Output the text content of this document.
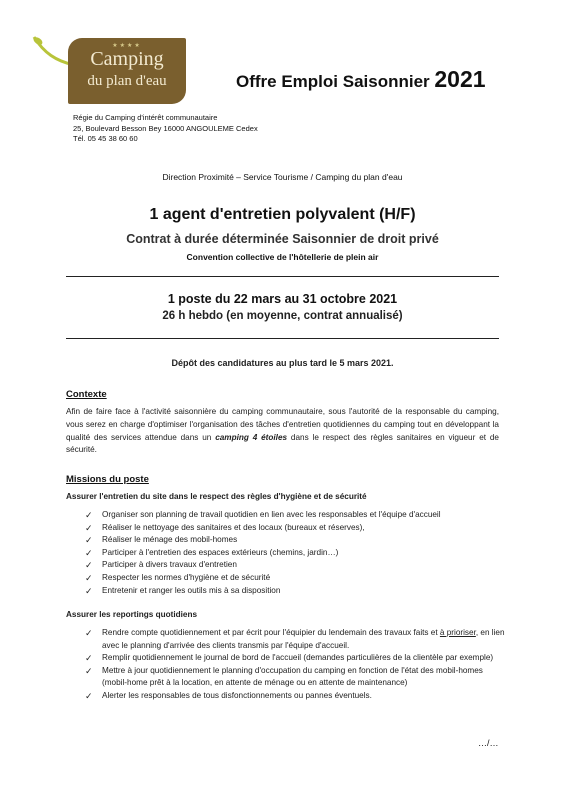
★★★★
Camping
du plan d'eau	Offre Emploi Saisonnier 2021
Régie du Camping d'intérêt communautaire
25, Boulevard Besson Bey 16000 ANGOULEME Cedex
Tél. 05 45 38 60 60
Direction Proximité – Service Tourisme / Camping du plan d'eau
1 agent d'entretien polyvalent (H/F)
Contrat à durée déterminée Saisonnier de droit privé
Convention collective de l'hôtellerie de plein air
1 poste du 22 mars au 31 octobre 2021
26 h hebdo (en moyenne, contrat annualisé)
Dépôt des candidatures au plus tard le 5 mars 2021.
Contexte
Afin de faire face à l'activité saisonnière du camping communautaire, sous l'autorité de la responsable du camping, vous serez en charge d'optimiser l'organisation des tâches d'entretien quotidiennes du camping tout en développant la qualité des services attendue dans un camping 4 étoiles dans le respect des règles sanitaires en vigueur et de sécurité.
Missions du poste
Assurer l'entretien du site dans le respect des règles d'hygiène et de sécurité
✓	Organiser son planning de travail quotidien en lien avec les responsables et l'équipe d'accueil
✓	Réaliser le nettoyage des sanitaires et des locaux (bureaux et réserves),
✓	Réaliser le ménage des mobil-homes
✓	Participer à l'entretien des espaces extérieurs (chemins, jardin…)
✓	Participer à divers travaux d'entretien
✓	Respecter les normes d'hygiène et de sécurité
✓	Entretenir et ranger les outils mis à sa disposition
Assurer les reportings quotidiens
✓	Rendre compte quotidiennement et par écrit pour l'équipier du lendemain des travaux faits et à prioriser, en lien avec le planning d'arrivée des clients transmis par l'équipe d'accueil.
✓	Remplir quotidiennement le journal de bord de l'accueil (demandes particulières de la clientèle par exemple)
✓	Mettre à jour quotidiennement le planning d'occupation du camping en fonction de l'état des mobil-homes (mobil-home prêt à la location, en attente de ménage ou en attente de maintenance)
✓	Alerter les responsables de tous disfonctionnements ou pannes éventuels.
…/…
